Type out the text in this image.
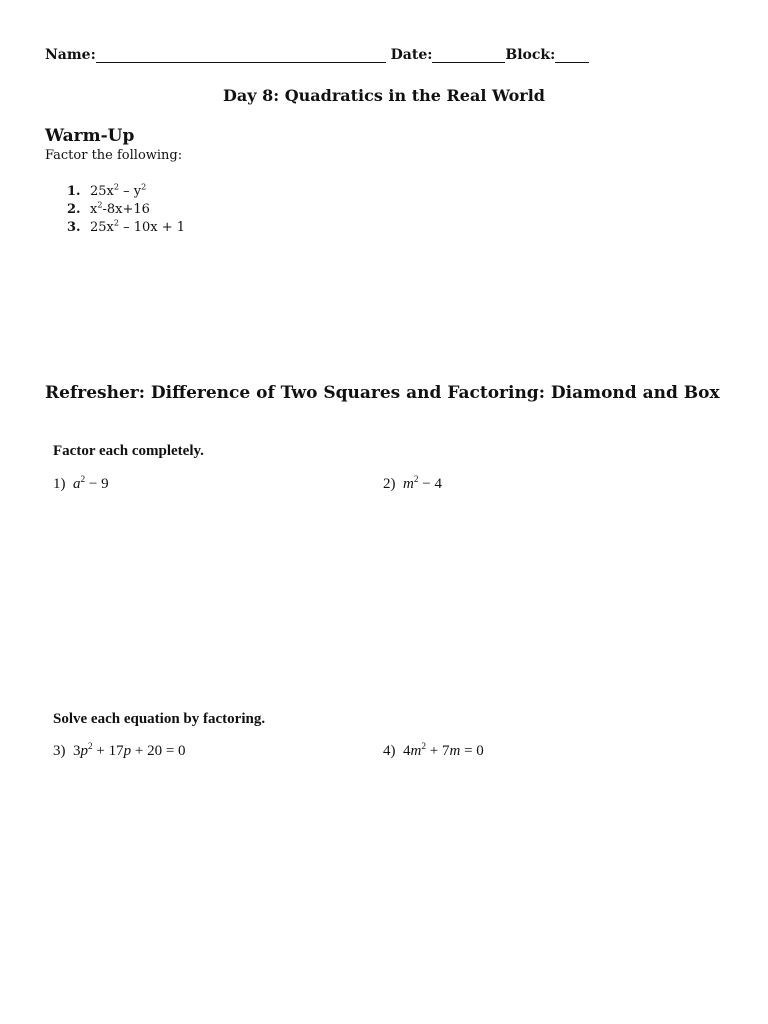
Name:	Date:	Block:
Day 8: Quadratics in the Real World
Warm-Up
Factor the following:
1. $25x^2 - y^2$
2. $x^2-8x+16$
3. $25x^2 - 10x + 1$
Refresher: Difference of Two Squares and Factoring: Diamond and Box
Factor each completely.
1) $a^2 - 9$	2) $m^2 - 4$
Solve each equation by factoring.
3) $3p^2 + 17p + 20 = 0$	4) $4m^2 + 7m = 0$
